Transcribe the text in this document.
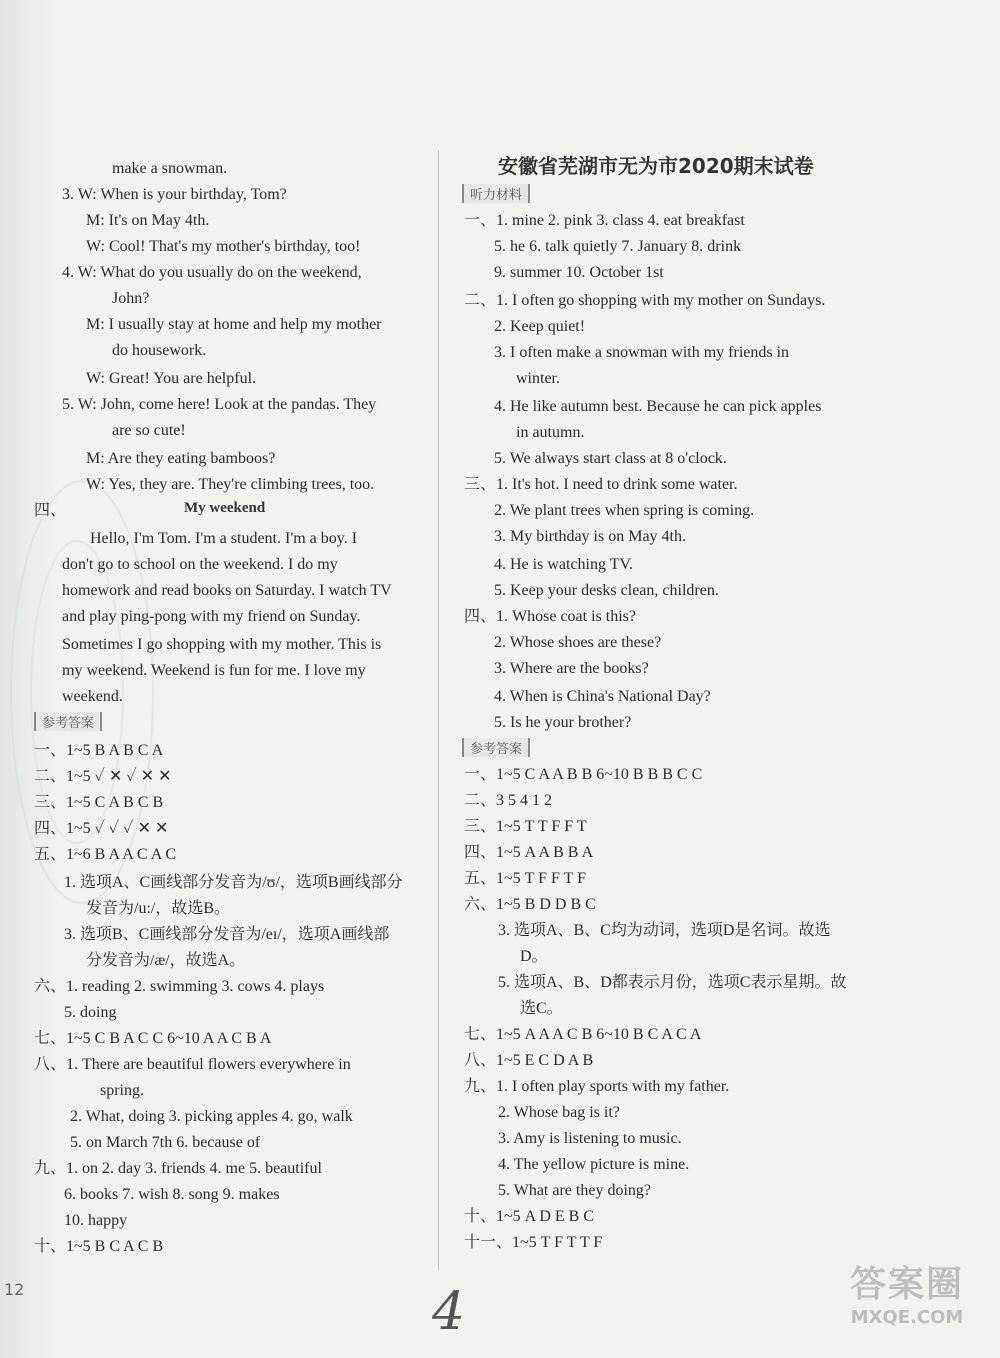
My weekend
参考答案
make a snowman.
3. W: When is your birthday, Tom?
M: It's on May 4th.
W: Cool! That's my mother's birthday, too!
4. W: What do you usually do on the weekend,
John?
M: I usually stay at home and help my mother
do housework.
W: Great! You are helpful.
5. W: John, come here! Look at the pandas. They
are so cute!
M: Are they eating bamboos?
W: Yes, they are. They're climbing trees, too.
四、
Hello, I'm Tom. I'm a student. I'm a boy. I
don't go to school on the weekend. I do my
homework and read books on Saturday. I watch TV
and play ping-pong with my friend on Sunday.
Sometimes I go shopping with my mother. This is
my weekend. Weekend is fun for me. I love my
weekend.
一、1~5 B A B C A
二、1~5 ✓ ✕ ✓ ✕ ✕
三、1~5 C A B C B
四、1~5 ✓ ✓ ✓ ✕ ✕
五、1~6 B A A C A C
1. 选项A、C画线部分发音为/ʊ/，选项B画线部分
发音为/u:/，故选B。
3. 选项B、C画线部分发音为/eɪ/，选项A画线部
分发音为/æ/，故选A。
六、1. reading 2. swimming 3. cows 4. plays
5. doing
七、1~5 C B A C C 6~10 A A C B A
八、1. There are beautiful flowers everywhere in
spring.
2. What, doing 3. picking apples 4. go, walk
5. on March 7th 6. because of
九、1. on 2. day 3. friends 4. me 5. beautiful
6. books 7. wish 8. song 9. makes
10. happy
十、1~5 B C A C B
安徽省芜湖市无为市2020期末试卷
听力材料
参考答案
一、1. mine 2. pink 3. class 4. eat breakfast
5. he 6. talk quietly 7. January 8. drink
9. summer 10. October 1st
二、1. I often go shopping with my mother on Sundays.
2. Keep quiet!
3. I often make a snowman with my friends in
winter.
4. He like autumn best. Because he can pick apples
in autumn.
5. We always start class at 8 o'clock.
三、1. It's hot. I need to drink some water.
2. We plant trees when spring is coming.
3. My birthday is on May 4th.
4. He is watching TV.
5. Keep your desks clean, children.
四、1. Whose coat is this?
2. Whose shoes are these?
3. Where are the books?
4. When is China's National Day?
5. Is he your brother?
一、1~5 C A A B B 6~10 B B B C C
二、3 5 4 1 2
三、1~5 T T F F T
四、1~5 A A B B A
五、1~5 T F F T F
六、1~5 B D D B C
3. 选项A、B、C均为动词，选项D是名词。故选
D。
5. 选项A、B、D都表示月份，选项C表示星期。故
选C。
七、1~5 A A A C B 6~10 B C A C A
八、1~5 E C D A B
九、1. I often play sports with my father.
2. Whose bag is it?
3. Amy is listening to music.
4. The yellow picture is mine.
5. What are they doing?
十、1~5 A D E B C
十一、1~5 T F T T F
12	4	答案圈
MXQE.COM
